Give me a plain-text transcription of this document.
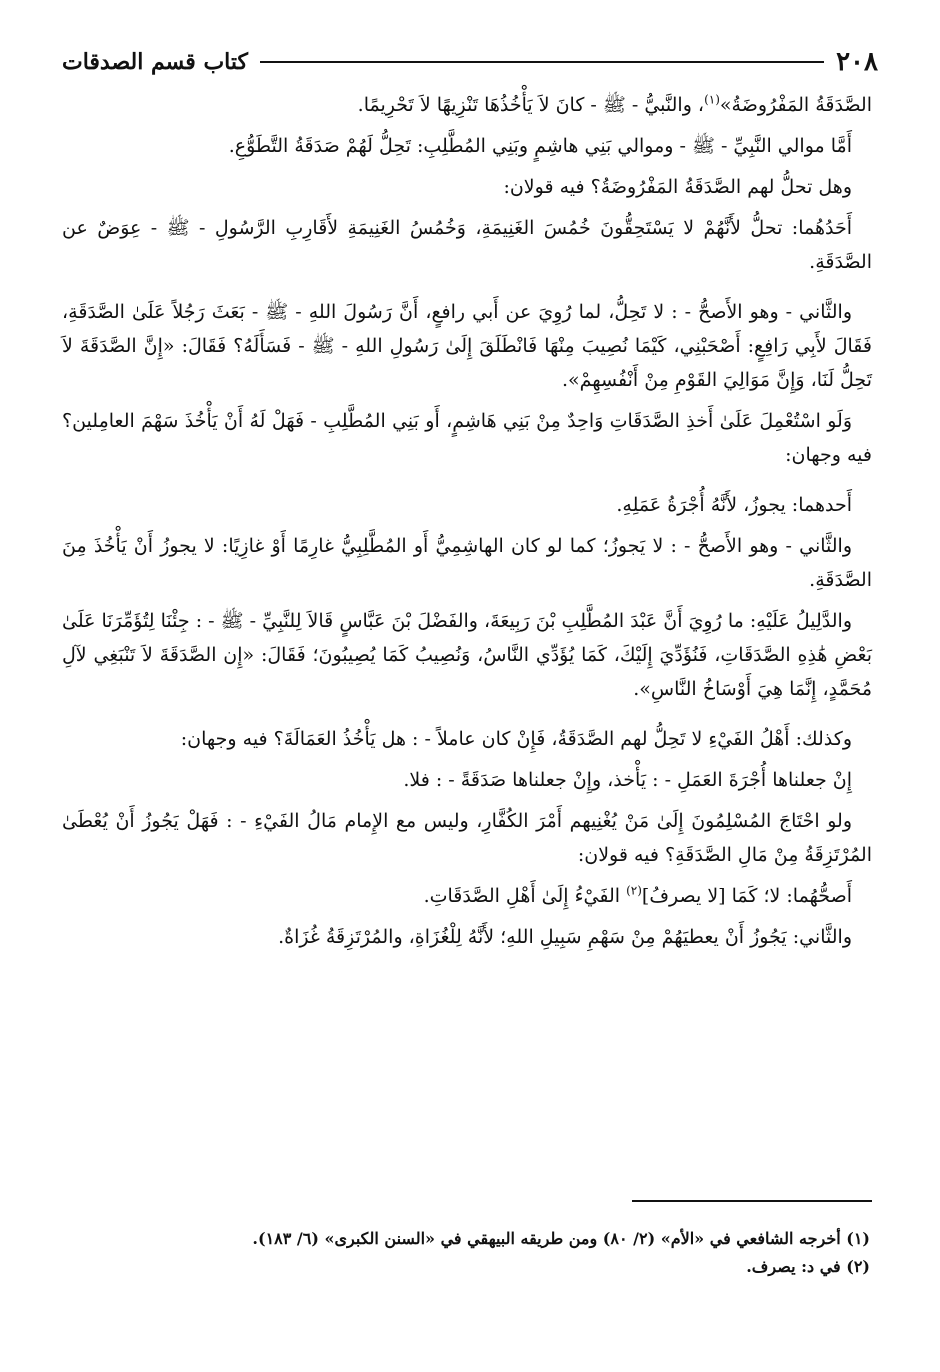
٢٠٨
كتاب قسم الصدقات

الصَّدَقَةُ المَفْرُوضَةُ»$^{(١)}$، والنَّبيُّ - ﷺ - كانَ لاَ يَأْخُذُهَا تَنْزِيهًا لاَ تَحْرِيمًا.

أَمَّا موالي النَّبِيِّ - ﷺ - وموالي بَنِي هاشِمٍ وبَنِي المُطَّلِبِ: تَحِلُّ لَهُمْ صَدَقَةُ التَّطَوُّعِ.

وهل تحلُّ لهم الصَّدَقَةُ المَفْرُوضَةُ؟ فيه قولان:

أَحَدُهُما: تحلُّ لأَنَّهُمْ لا يَسْتَحِقُّونَ خُمُسَ الغَنِيمَةِ، وَخُمُسُ الغَنِيمَةِ لأَقَارِبِ الرَّسُولِ - ﷺ - عِوَضٌ عن الصَّدَقَةِ.

والثَّاني - وهو الأَصحُّ - : لا تَحِلُّ، لما رُوِيَ عن أَبي رافعٍ، أَنَّ رَسُولَ اللهِ - ﷺ - بَعَثَ رَجُلاً عَلَىٰ الصَّدَقَةِ، فَقَالَ لأَبِي رَافِعٍ: أَصْحَبْنِي، كَيْمَا نُصِيبَ مِنْهَا فَانْطَلَقَ إِلَىٰ رَسُولِ اللهِ - ﷺ - فَسَأَلَهُ؟ فَقَالَ: «إِنَّ الصَّدَقَةَ لاَ تَحِلُّ لَنَا، وَإِنَّ مَوَالِيَ القَوْمِ مِنْ أَنْفُسِهِمْ».

وَلَو اسْتُعْمِلَ عَلَىٰ أَخذِ الصَّدَقَاتِ وَاحِدٌ مِنْ بَنِي هَاشِمٍ، أَو بَنِي المُطَّلِبِ - فَهَلْ لَهُ أَنْ يَأْخُذَ سَهْمَ العامِلين؟ فيه وجهان:

أَحدهما: يجوزُ، لأَنَّهُ أُجْرَةُ عَمَلِهِ.

والثَّاني - وهو الأَصحُّ - : لا يَجوزُ؛ كما لو كان الهاشِمِيُّ أَو المُطَّلِبِيُّ غارِمًا أَوْ غازِيًا: لا يجوزُ أَنْ يَأْخُذَ مِنَ الصَّدَقَةِ.

والدَّلِيلُ عَلَيْهِ: ما رُوِيَ أَنَّ عَبْدَ المُطَّلِبِ بْنَ رَبِيعَةَ، والفَضْلَ بْنَ عَبَّاسٍ قَالاَ لِلنَّبِيِّ - ﷺ - : جِئْنَا لِتُؤَمِّرَنَا عَلَىٰ بَعْضِ هَٰذِهِ الصَّدَقَاتِ، فَنُؤَدِّيَ إِلَيْكَ، كَمَا يُؤَدِّي النَّاسُ، وَنُصِيبُ كَمَا يُصِيبُونَ؛ فَقَالَ: «إِن الصَّدَقَةَ لاَ تَنْبَغِي لآلِ مُحَمَّدٍ، إِنَّمَا هِيَ أَوْسَاخُ النَّاسِ».

وكذلك: أَهْلُ الفَيْءِ لا تَحِلُّ لهم الصَّدَقَةُ، فَإِنْ كان عاملاً - : هل يَأْخُذُ العَمَالَةَ؟ فيه وجهان:

إِنْ جعلناها أُجْرَةَ العَمَلِ - : يَأْخذ، وإِنْ جعلناها صَدَقَةً - : فلا.

ولو احْتَاجَ المُسْلِمُونَ إِلَىٰ مَنْ يُغْنِيهم أَمْرَ الكُفَّارِ، وليس مع الإِمام مَالُ الفَيْءِ - : فَهَلْ يَجُوزُ أَنْ يُعْطَىٰ المُرْتَزِقَةُ مِنْ مَالِ الصَّدَقَةِ؟ فيه قولان:

أَصحُّهُما: لا؛ كَمَا [لا يصرفُ]$^{(٢)}$ الفَيْءُ إِلَىٰ أَهْلِ الصَّدَقَاتِ.

والثَّاني: يَجُوزُ أَنْ يعطيَهُمْ مِنْ سَهْمِ سَبِيلِ اللهِ؛ لأَنَّهُ لِلْغُزَاةِ، والمُرْتَزِقَةُ غُزَاةٌ.

(١) أخرجه الشافعي في «الأم» (٢/ ٨٠) ومن طريقه البيهقي في «السنن الكبرى» (٦/ ١٨٣).

(٢) في د: يصرف.
